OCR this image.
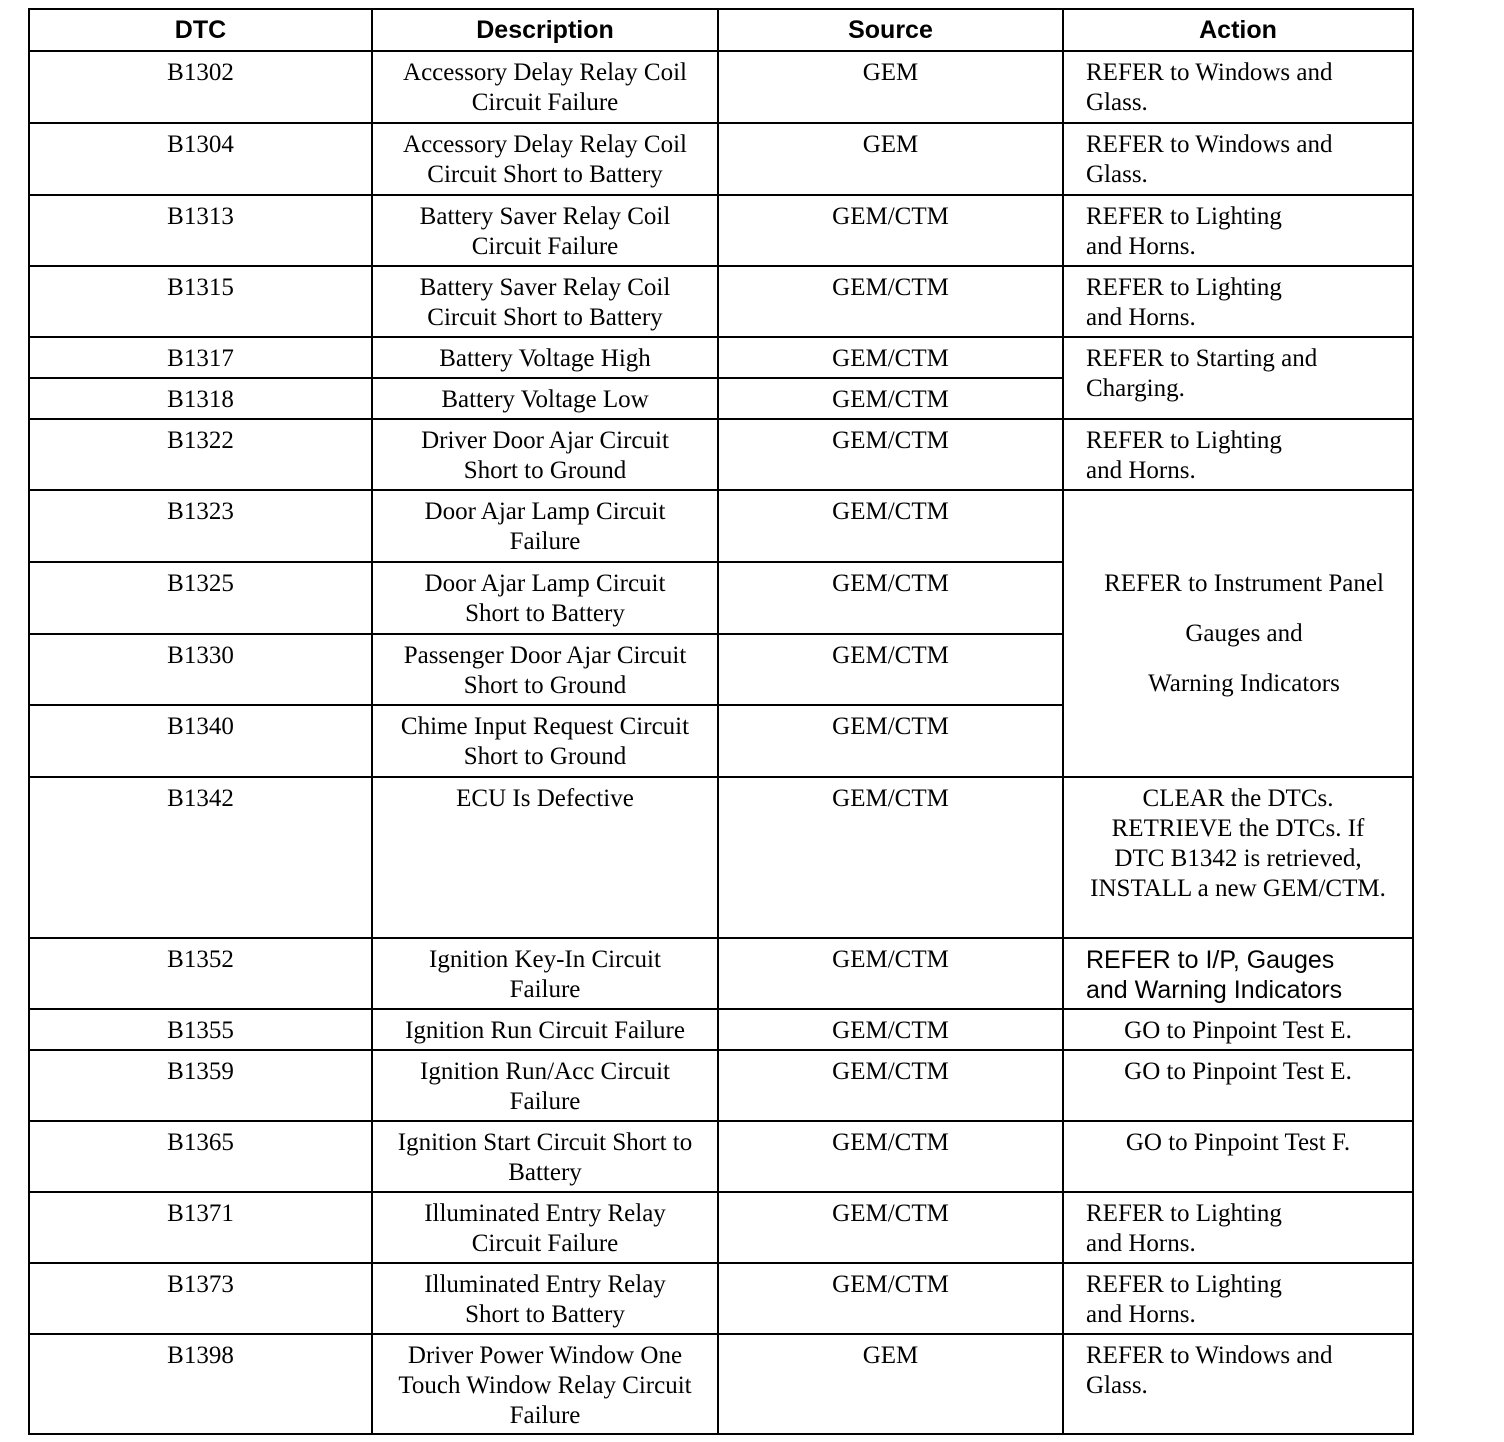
DTC	Description	Source	Action
B1302	Accessory Delay Relay Coil
Circuit Failure	GEM	REFER to Windows and
Glass.

B1304	Accessory Delay Relay Coil
Circuit Short to Battery	GEM	REFER to Windows and
Glass.

B1313	Battery Saver Relay Coil
Circuit Failure	GEM/CTM	REFER to Lighting
and Horns.

B1315	Battery Saver Relay Coil
Circuit Short to Battery	GEM/CTM	REFER to Lighting
and Horns.

B1317	Battery Voltage High	GEM/CTM	REFER to Starting and
Charging.

B1318	Battery Voltage Low	GEM/CTM	
B1322	Driver Door Ajar Circuit
Short to Ground	GEM/CTM	REFER to Lighting
and Horns.

B1323	Door Ajar Lamp Circuit
Failure	GEM/CTM	REFER to Instrument Panel
Gauges and
Warning Indicators

B1325	Door Ajar Lamp Circuit
Short to Battery	GEM/CTM	
B1330	Passenger Door Ajar Circuit
Short to Ground	GEM/CTM	
B1340	Chime Input Request Circuit
Short to Ground	GEM/CTM	
B1342	ECU Is Defective	GEM/CTM	CLEAR the DTCs.
RETRIEVE the DTCs. If
DTC B1342 is retrieved,
INSTALL a new GEM/CTM.

B1352	Ignition Key-In Circuit
Failure	GEM/CTM	REFER to I/P, Gauges
and Warning Indicators

B1355	Ignition Run Circuit Failure	GEM/CTM	GO to Pinpoint Test E.

B1359	Ignition Run/Acc Circuit
Failure	GEM/CTM	GO to Pinpoint Test E.

B1365	Ignition Start Circuit Short to
Battery	GEM/CTM	GO to Pinpoint Test F.

B1371	Illuminated Entry Relay
Circuit Failure	GEM/CTM	REFER to Lighting
and Horns.

B1373	Illuminated Entry Relay
Short to Battery	GEM/CTM	REFER to Lighting
and Horns.

B1398	Driver Power Window One
Touch Window Relay Circuit
Failure	GEM	REFER to Windows and
Glass.
